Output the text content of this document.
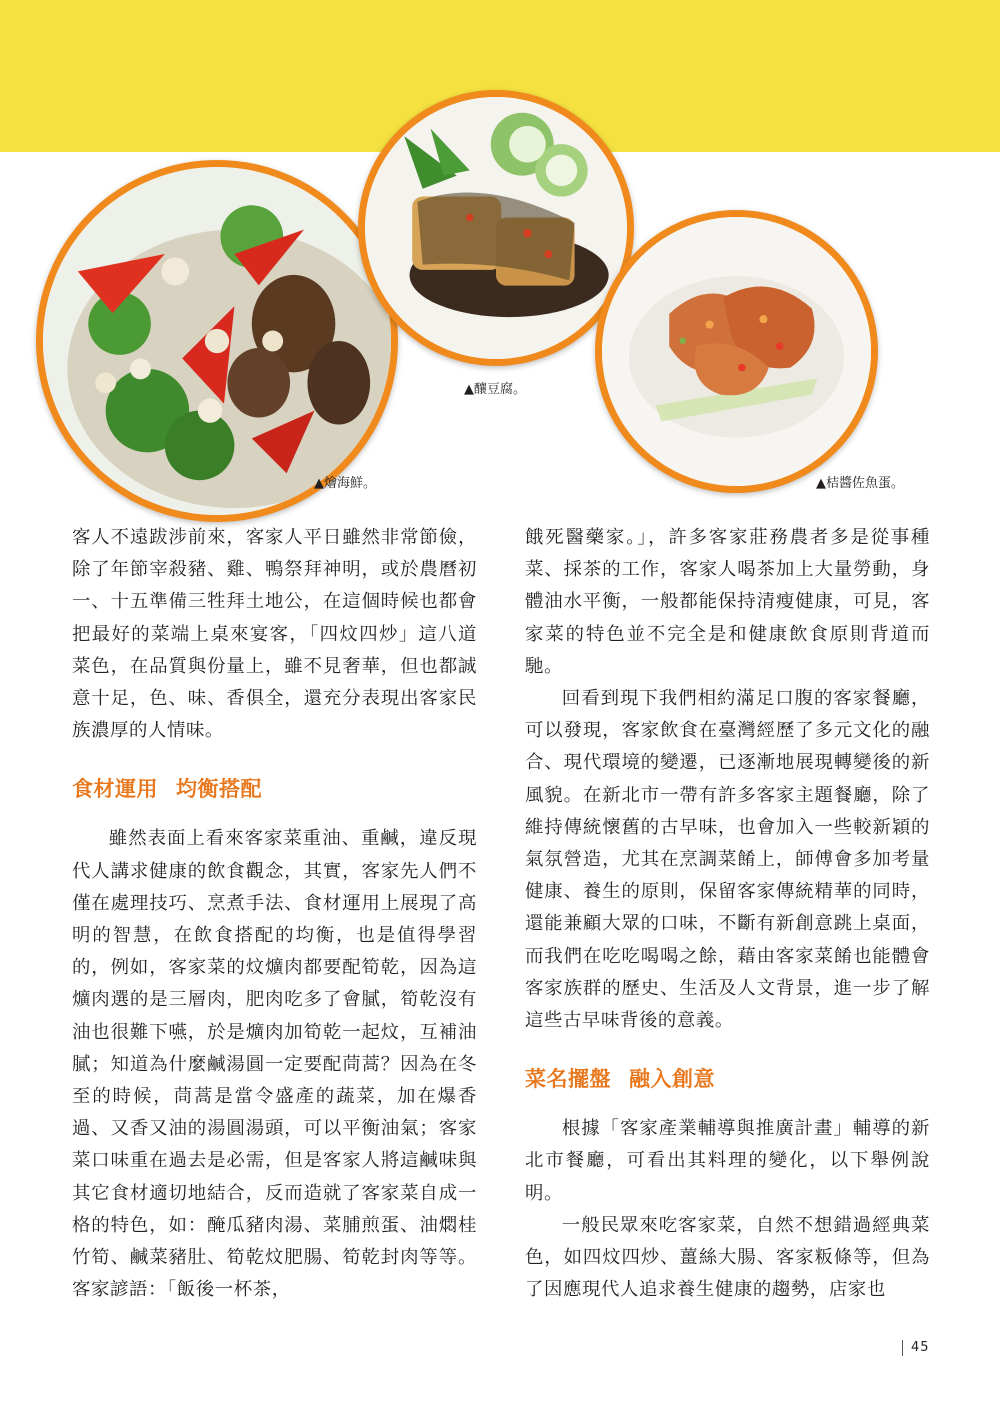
▲燴海鮮。
▲釀豆腐。
▲桔醬佐魚蛋。

客人不遠跋涉前來，客家人平日雖然非常節儉，除了年節宰殺豬、雞、鴨祭拜神明，或於農曆初一、十五準備三牲拜土地公，在這個時候也都會把最好的菜端上桌來宴客，「四炆四炒」這八道菜色，在品質與份量上，雖不見奢華，但也都誠意十足，色、味、香俱全，還充分表現出客家民族濃厚的人情味。

食材運用 均衡搭配

雖然表面上看來客家菜重油、重鹹，違反現代人講求健康的飲食觀念，其實，客家先人們不僅在處理技巧、烹煮手法、食材運用上展現了高明的智慧，在飲食搭配的均衡，也是值得學習的，例如，客家菜的炆爌肉都要配筍乾，因為這爌肉選的是三層肉，肥肉吃多了會膩，筍乾沒有油也很難下嚥，於是爌肉加筍乾一起炆，互補油膩；知道為什麼鹹湯圓一定要配茼蒿？因為在冬至的時候，茼蒿是當令盛產的蔬菜，加在爆香過、又香又油的湯圓湯頭，可以平衡油氣；客家菜口味重在過去是必需，但是客家人將這鹹味與其它食材適切地結合，反而造就了客家菜自成一格的特色，如：醃瓜豬肉湯、菜脯煎蛋、油燜桂竹筍、鹹菜豬肚、筍乾炆肥腸、筍乾封肉等等。客家諺語：「飯後一杯茶，

餓死醫藥家。」，許多客家莊務農者多是從事種菜、採茶的工作，客家人喝茶加上大量勞動，身體油水平衡，一般都能保持清瘦健康，可見，客家菜的特色並不完全是和健康飲食原則背道而馳。

回看到現下我們相約滿足口腹的客家餐廳，可以發現，客家飲食在臺灣經歷了多元文化的融合、現代環境的變遷，已逐漸地展現轉變後的新風貌。在新北市一帶有許多客家主題餐廳，除了維持傳統懷舊的古早味，也會加入一些較新穎的氣氛營造，尤其在烹調菜餚上，師傅會多加考量健康、養生的原則，保留客家傳統精華的同時，還能兼顧大眾的口味，不斷有新創意跳上桌面，而我們在吃吃喝喝之餘，藉由客家菜餚也能體會客家族群的歷史、生活及人文背景，進一步了解這些古早味背後的意義。

菜名擺盤 融入創意

根據「客家產業輔導與推廣計畫」輔導的新北市餐廳，可看出其料理的變化，以下舉例說明。

一般民眾來吃客家菜，自然不想錯過經典菜色，如四炆四炒、薑絲大腸、客家粄條等，但為了因應現代人追求養生健康的趨勢，店家也

45
